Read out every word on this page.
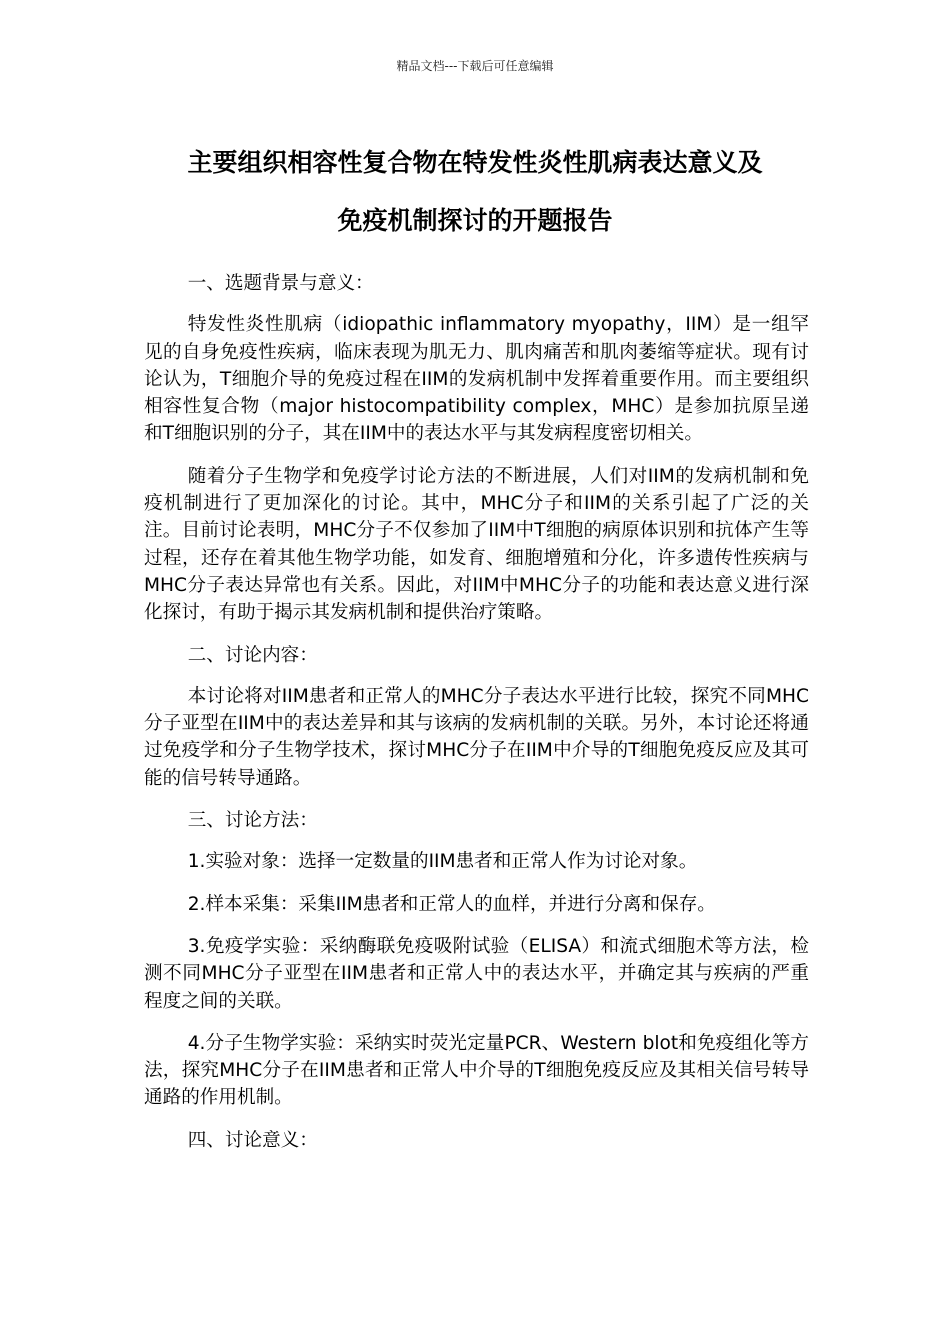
精品文档---下载后可任意编辑
主要组织相容性复合物在特发性炎性肌病表达意义及
免疫机制探讨的开题报告

一、选题背景与意义：

特发性炎性肌病（idiopathic inflammatory myopathy，IIM）是一组罕见的自身免疫性疾病，临床表现为肌无力、肌肉痛苦和肌肉萎缩等症状。现有讨论认为，T细胞介导的免疫过程在IIM的发病机制中发挥着重要作用。而主要组织相容性复合物（major histocompatibility complex，MHC）是参加抗原呈递和T细胞识别的分子，其在IIM中的表达水平与其发病程度密切相关。

随着分子生物学和免疫学讨论方法的不断进展，人们对IIM的发病机制和免疫机制进行了更加深化的讨论。其中，MHC分子和IIM的关系引起了广泛的关注。目前讨论表明，MHC分子不仅参加了IIM中T细胞的病原体识别和抗体产生等过程，还存在着其他生物学功能，如发育、细胞增殖和分化，许多遗传性疾病与MHC分子表达异常也有关系。因此，对IIM中MHC分子的功能和表达意义进行深化探讨，有助于揭示其发病机制和提供治疗策略。

二、讨论内容：

本讨论将对IIM患者和正常人的MHC分子表达水平进行比较，探究不同MHC分子亚型在IIM中的表达差异和其与该病的发病机制的关联。另外，本讨论还将通过免疫学和分子生物学技术，探讨MHC分子在IIM中介导的T细胞免疫反应及其可能的信号转导通路。

三、讨论方法：

1.实验对象：选择一定数量的IIM患者和正常人作为讨论对象。

2.样本采集：采集IIM患者和正常人的血样，并进行分离和保存。

3.免疫学实验：采纳酶联免疫吸附试验（ELISA）和流式细胞术等方法，检测不同MHC分子亚型在IIM患者和正常人中的表达水平，并确定其与疾病的严重程度之间的关联。

4.分子生物学实验：采纳实时荧光定量PCR、Western blot和免疫组化等方法，探究MHC分子在IIM患者和正常人中介导的T细胞免疫反应及其相关信号转导通路的作用机制。

四、讨论意义：
